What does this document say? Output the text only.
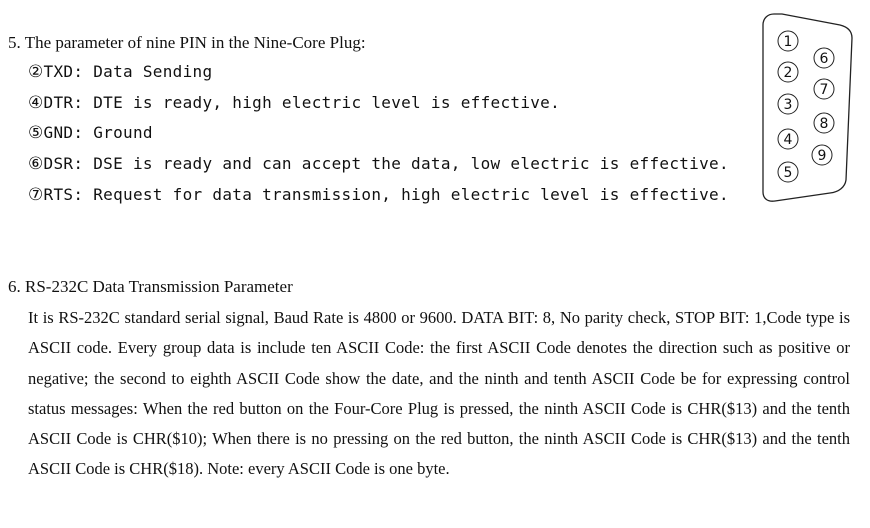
5. The parameter of nine PIN in the Nine-Core Plug:
②TXD: Data Sending
④DTR: DTE is ready, high electric level is effective.
⑤GND: Ground
⑥DSR: DSE is ready and can accept the data, low electric is effective.
⑦RTS: Request for data transmission, high electric level is effective.
1
2
3
4
5
6
7
8
9
6. RS-232C Data Transmission Parameter
It is RS-232C standard serial signal, Baud Rate is 4800 or 9600. DATA BIT: 8, No parity check, STOP BIT: 1,Code type is ASCII code. Every group data is include ten ASCII Code: the first ASCII Code denotes the direction such as positive or negative; the second to eighth ASCII Code show the date, and the ninth and tenth ASCII Code be for expressing control status messages: When the red button on the Four-Core Plug is pressed, the ninth ASCII Code is CHR($13) and the tenth ASCII Code is CHR($10); When there is no pressing on the red button, the ninth ASCII Code is CHR($13) and the tenth ASCII Code is CHR($18). Note: every ASCII Code is one byte.
